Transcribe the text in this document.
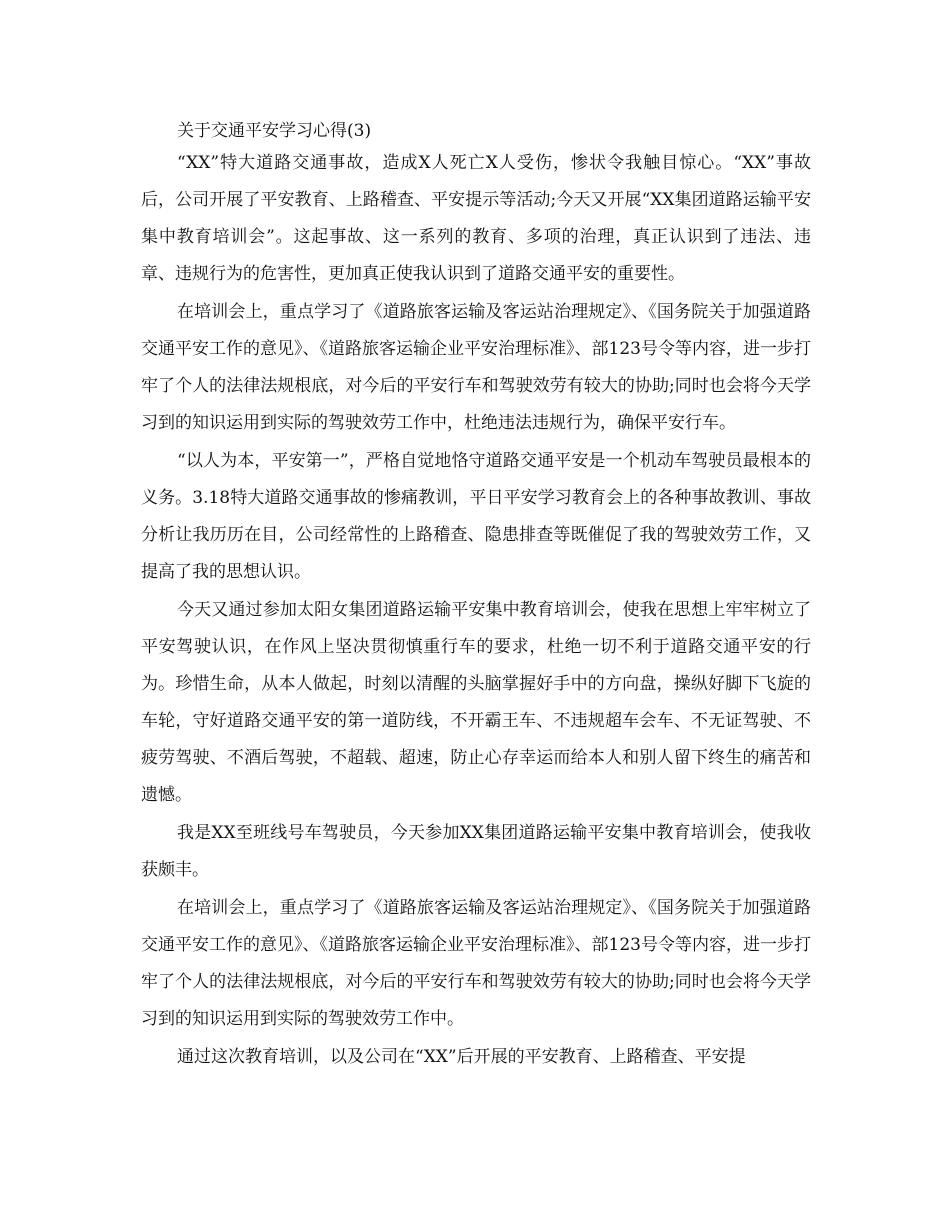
关于交通平安学习心得(3)

“XX”特大道路交通事故，造成X人死亡X人受伤，惨状令我触目惊心。“XX”事故后，公司开展了平安教育、上路稽查、平安提示等活动;今天又开展“XX集团道路运输平安集中教育培训会”。这起事故、这一系列的教育、多项的治理，真正认识到了违法、违章、违规行为的危害性，更加真正使我认识到了道路交通平安的重要性。

在培训会上，重点学习了《道路旅客运输及客运站治理规定》、《国务院关于加强道路交通平安工作的意见》、《道路旅客运输企业平安治理标准》、部123号令等内容，进一步打牢了个人的法律法规根底，对今后的平安行车和驾驶效劳有较大的协助;同时也会将今天学习到的知识运用到实际的驾驶效劳工作中，杜绝违法违规行为，确保平安行车。

“以人为本，平安第一”，严格自觉地恪守道路交通平安是一个机动车驾驶员最根本的义务。3.18特大道路交通事故的惨痛教训，平日平安学习教育会上的各种事故教训、事故分析让我历历在目，公司经常性的上路稽查、隐患排查等既催促了我的驾驶效劳工作，又提高了我的思想认识。

今天又通过参加太阳女集团道路运输平安集中教育培训会，使我在思想上牢牢树立了平安驾驶认识，在作风上坚决贯彻慎重行车的要求，杜绝一切不利于道路交通平安的行为。珍惜生命，从本人做起，时刻以清醒的头脑掌握好手中的方向盘，操纵好脚下飞旋的车轮，守好道路交通平安的第一道防线，不开霸王车、不违规超车会车、不无证驾驶、不疲劳驾驶、不酒后驾驶，不超载、超速，防止心存幸运而给本人和别人留下终生的痛苦和遗憾。

我是XX至班线号车驾驶员，今天参加XX集团道路运输平安集中教育培训会，使我收获颇丰。

在培训会上，重点学习了《道路旅客运输及客运站治理规定》、《国务院关于加强道路交通平安工作的意见》、《道路旅客运输企业平安治理标准》、部123号令等内容，进一步打牢了个人的法律法规根底，对今后的平安行车和驾驶效劳有较大的协助;同时也会将今天学习到的知识运用到实际的驾驶效劳工作中。

通过这次教育培训，以及公司在“XX”后开展的平安教育、上路稽查、平安提
